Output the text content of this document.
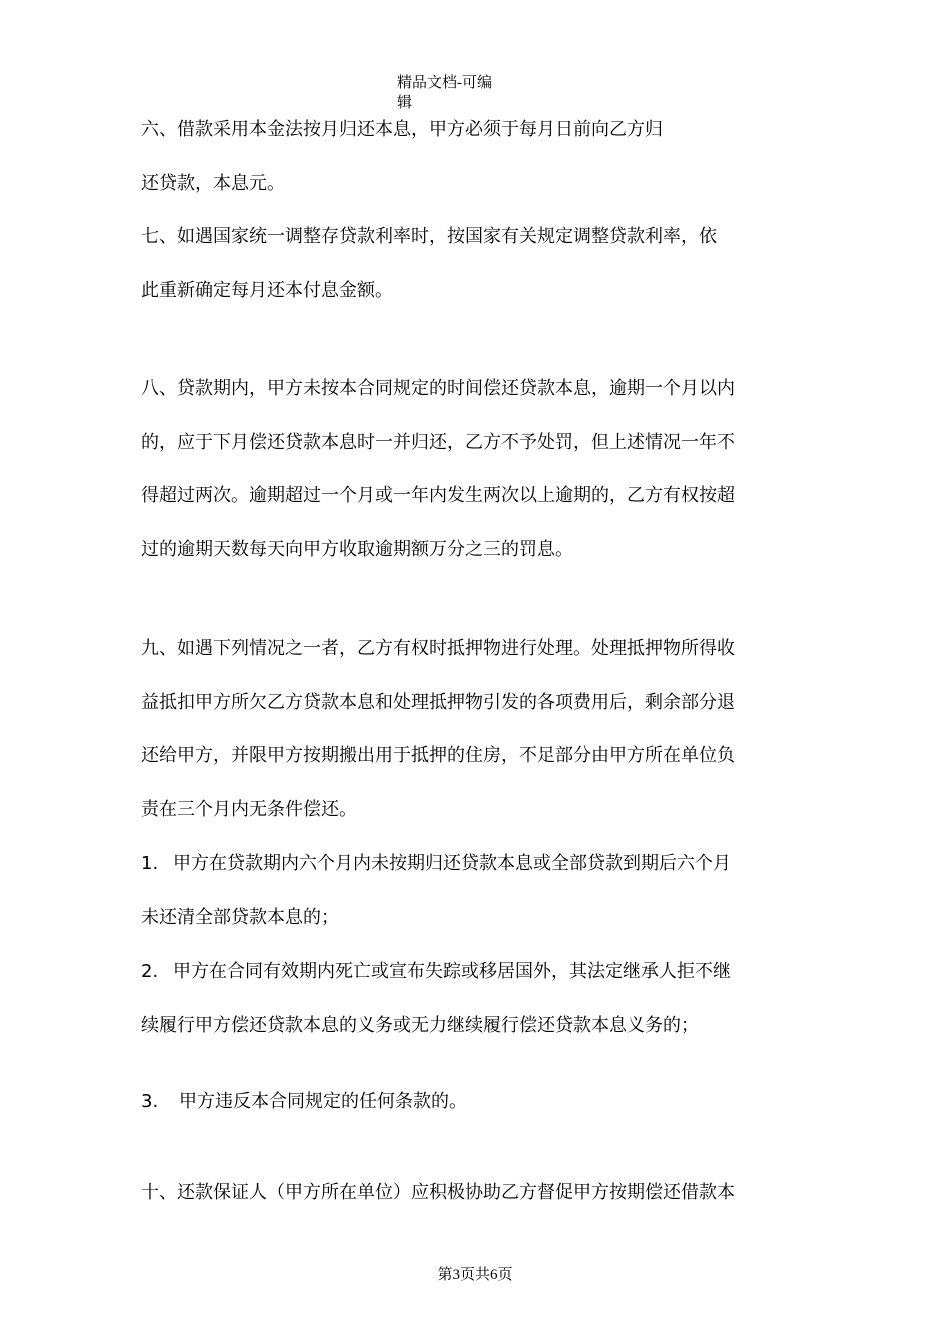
精品文档-可编
辑
六、借款采用本金法按月归还本息，甲方必须于每月日前向乙方归
还贷款，本息元。
七、如遇国家统一调整存贷款利率时，按国家有关规定调整贷款利率，依
此重新确定每月还本付息金额。
八、贷款期内，甲方未按本合同规定的时间偿还贷款本息，逾期一个月以内
的，应于下月偿还贷款本息时一并归还，乙方不予处罚，但上述情况一年不
得超过两次。逾期超过一个月或一年内发生两次以上逾期的，乙方有权按超
过的逾期天数每天向甲方收取逾期额万分之三的罚息。
九、如遇下列情况之一者，乙方有权时抵押物进行处理。处理抵押物所得收
益抵扣甲方所欠乙方贷款本息和处理抵押物引发的各项费用后，剩余部分退
还给甲方，并限甲方按期搬出用于抵押的住房，不足部分由甲方所在单位负
责在三个月内无条件偿还。
1. 甲方在贷款期内六个月内未按期归还贷款本息或全部贷款到期后六个月
未还清全部贷款本息的；
2. 甲方在合同有效期内死亡或宣布失踪或移居国外，其法定继承人拒不继
续履行甲方偿还贷款本息的义务或无力继续履行偿还贷款本息义务的；
3. 甲方违反本合同规定的任何条款的。
十、还款保证人（甲方所在单位）应积极协助乙方督促甲方按期偿还借款本
第3页共6页
